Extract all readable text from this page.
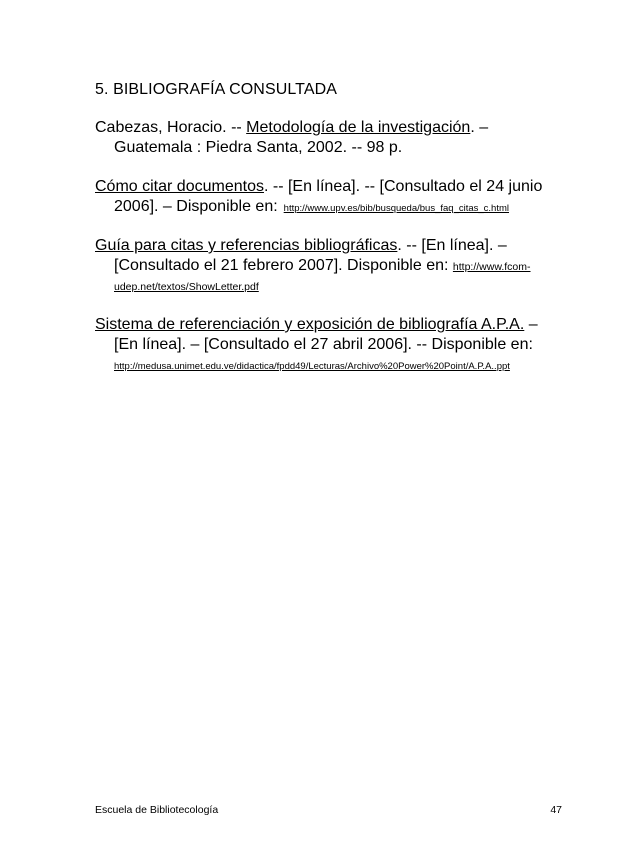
5. BIBLIOGRAFÍA CONSULTADA
Cabezas, Horacio. -- Metodología de la investigación. – Guatemala : Piedra Santa, 2002. -- 98 p.
Cómo citar documentos. -- [En línea]. -- [Consultado el 24 junio 2006]. – Disponible en: http://www.upv.es/bib/busqueda/bus_faq_citas_c.html
Guía para citas y referencias bibliográficas. -- [En línea]. – [Consultado el 21 febrero 2007]. Disponible en: http://www.fcom-udep.net/textos/ShowLetter.pdf
Sistema de referenciación y exposición de bibliografía A.P.A. – [En línea]. – [Consultado el 27 abril 2006]. -- Disponible en:http://medusa.unimet.edu.ve/didactica/fpdd49/Lecturas/Archivo%20Power%20Point/A.P.A..ppt
Escuela de Bibliotecología	47
